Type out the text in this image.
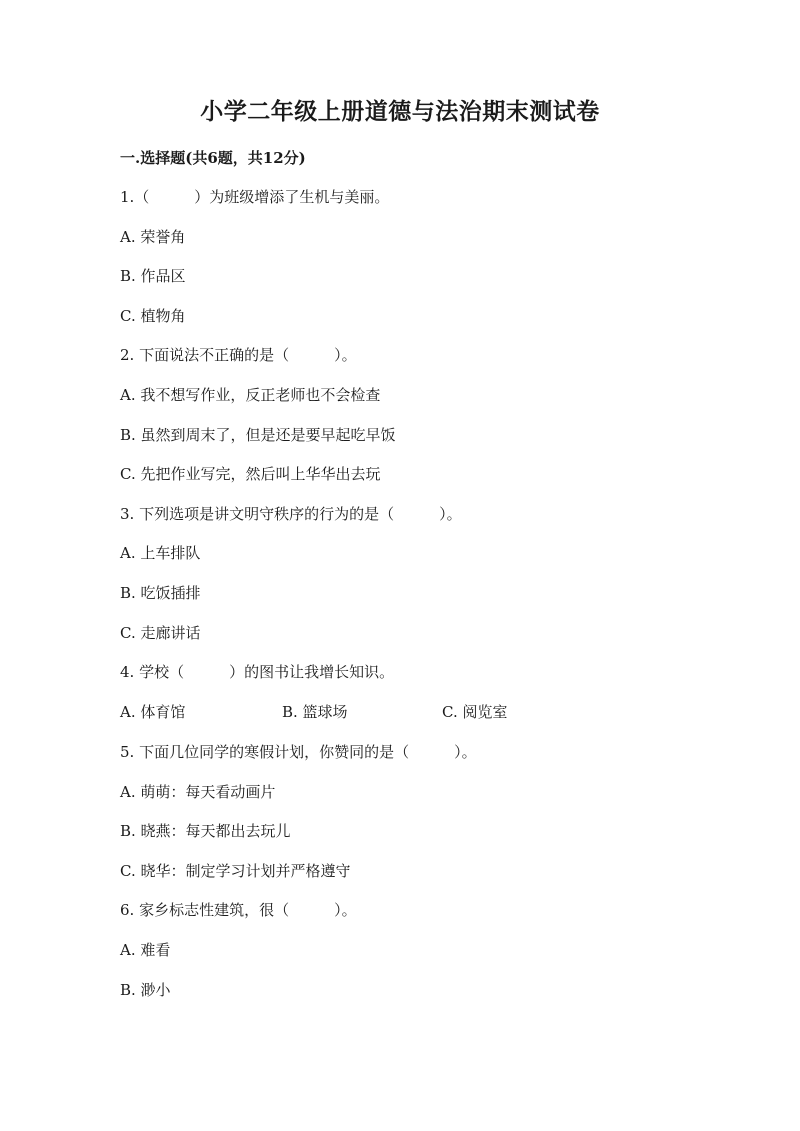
小学二年级上册道德与法治期末测试卷
一.选择题(共6题，共12分)
1.（　　　）为班级增添了生机与美丽。
A. 荣誉角
B. 作品区
C. 植物角
2. 下面说法不正确的是（　　　）。
A. 我不想写作业，反正老师也不会检查
B. 虽然到周末了，但是还是要早起吃早饭
C. 先把作业写完，然后叫上华华出去玩
3. 下列选项是讲文明守秩序的行为的是（　　　）。
A. 上车排队
B. 吃饭插排
C. 走廊讲话
4. 学校（　　　）的图书让我增长知识。

A. 体育馆

	B. 篮球场

	C. 阅览室

5. 下面几位同学的寒假计划，你赞同的是（　　　）。
A. 萌萌：每天看动画片
B. 晓燕：每天都出去玩儿
C. 晓华：制定学习计划并严格遵守
6. 家乡标志性建筑，很（　　　）。
A. 难看
B. 渺小
